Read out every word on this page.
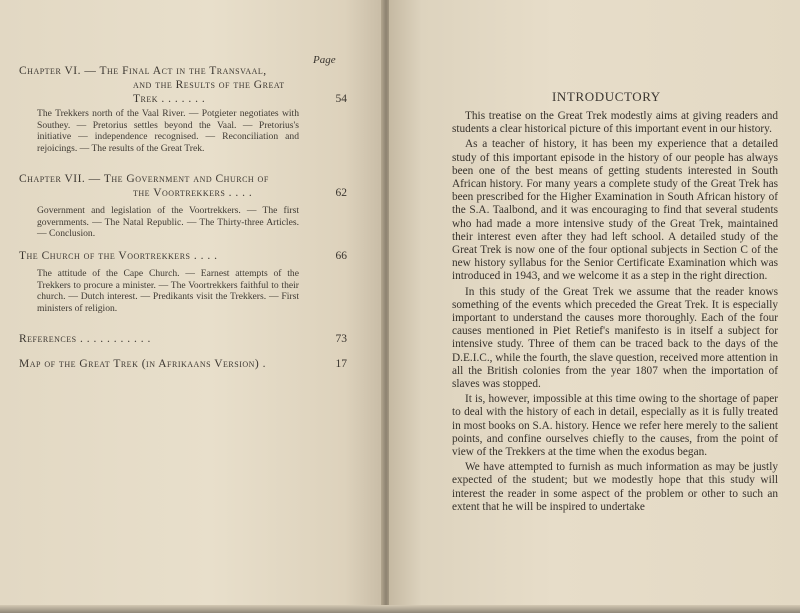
Page
Chapter VI. — The Final Act in the Transvaal,
and the Results of the Great
Trek . . . . . . .	54
The Trekkers north of the Vaal River. — Potgieter negotiates with Southey. — Pretorius settles beyond the Vaal. — Pretorius's initiative — independence recognised. — Reconciliation and rejoicings. — The results of the Great Trek.
Chapter VII. — The Government and Church of
the Voortrekkers . . . .	62
Government and legislation of the Voortrekkers. — The first governments. — The Natal Republic. — The Thirty-three Articles. — Conclusion.
The Church of the Voortrekkers . . . .	66
The attitude of the Cape Church. — Earnest attempts of the Trekkers to procure a minister. — The Voortrekkers faithful to their church. — Dutch interest. — Predikants visit the Trekkers. — First ministers of religion.
References . . . . . . . . . . .	73
Map of the Great Trek (in Afrikaans Version) .	17
INTRODUCTORY

This treatise on the Great Trek modestly aims at giving readers and students a clear historical picture of this important event in our history.

As a teacher of history, it has been my experience that a detailed study of this important episode in the history of our people has always been one of the best means of getting students interested in South African history. For many years a complete study of the Great Trek has been prescribed for the Higher Examination in South African history of the S.A. Taalbond, and it was encouraging to find that several students who had made a more intensive study of the Great Trek, maintained their interest even after they had left school. A detailed study of the Great Trek is now one of the four optional subjects in Section C of the new history syllabus for the Senior Certificate Examination which was introduced in 1943, and we welcome it as a step in the right direction.

In this study of the Great Trek we assume that the reader knows something of the events which preceded the Great Trek. It is especially important to understand the causes more thoroughly. Each of the four causes mentioned in Piet Retief's manifesto is in itself a subject for intensive study. Three of them can be traced back to the days of the D.E.I.C., while the fourth, the slave question, received more attention in all the British colonies from the year 1807 when the importation of slaves was stopped.

It is, however, impossible at this time owing to the shortage of paper to deal with the history of each in detail, especially as it is fully treated in most books on S.A. history. Hence we refer here merely to the salient points, and confine ourselves chiefly to the causes, from the point of view of the Trekkers at the time when the exodus began.

We have attempted to furnish as much information as may be justly expected of the student; but we modestly hope that this study will interest the reader in some aspect of the problem or other to such an extent that he will be inspired to undertake
